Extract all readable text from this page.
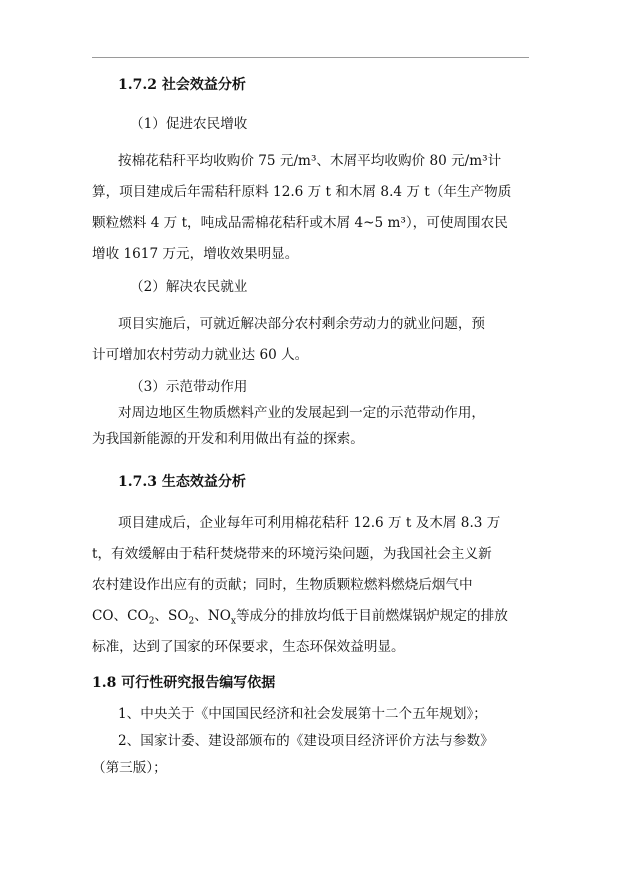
1.7.2 社会效益分析
（1）促进农民增收
按棉花秸秆平均收购价 75 元/m³、木屑平均收购价 80 元/m³计
算，项目建成后年需秸秆原料 12.6 万 t 和木屑 8.4 万 t（年生产物质
颗粒燃料 4 万 t，吨成品需棉花秸秆或木屑 4~5 m³），可使周围农民
增收 1617 万元，增收效果明显。
（2）解决农民就业
项目实施后，可就近解决部分农村剩余劳动力的就业问题，预
计可增加农村劳动力就业达 60 人。
（3）示范带动作用
对周边地区生物质燃料产业的发展起到一定的示范带动作用，
为我国新能源的开发和利用做出有益的探索。
1.7.3 生态效益分析
项目建成后，企业每年可利用棉花秸秆 12.6 万 t 及木屑 8.3 万
t，有效缓解由于秸秆焚烧带来的环境污染问题，为我国社会主义新
农村建设作出应有的贡献；同时，生物质颗粒燃料燃烧后烟气中
CO、$CO_2$、$SO_2$、$NO_x$等成分的排放均低于目前燃煤锅炉规定的排放
标准，达到了国家的环保要求，生态环保效益明显。
1.8 可行性研究报告编写依据
1、中央关于《中国国民经济和社会发展第十二个五年规划》；
2、国家计委、建设部颁布的《建设项目经济评价方法与参数》
（第三版）；
